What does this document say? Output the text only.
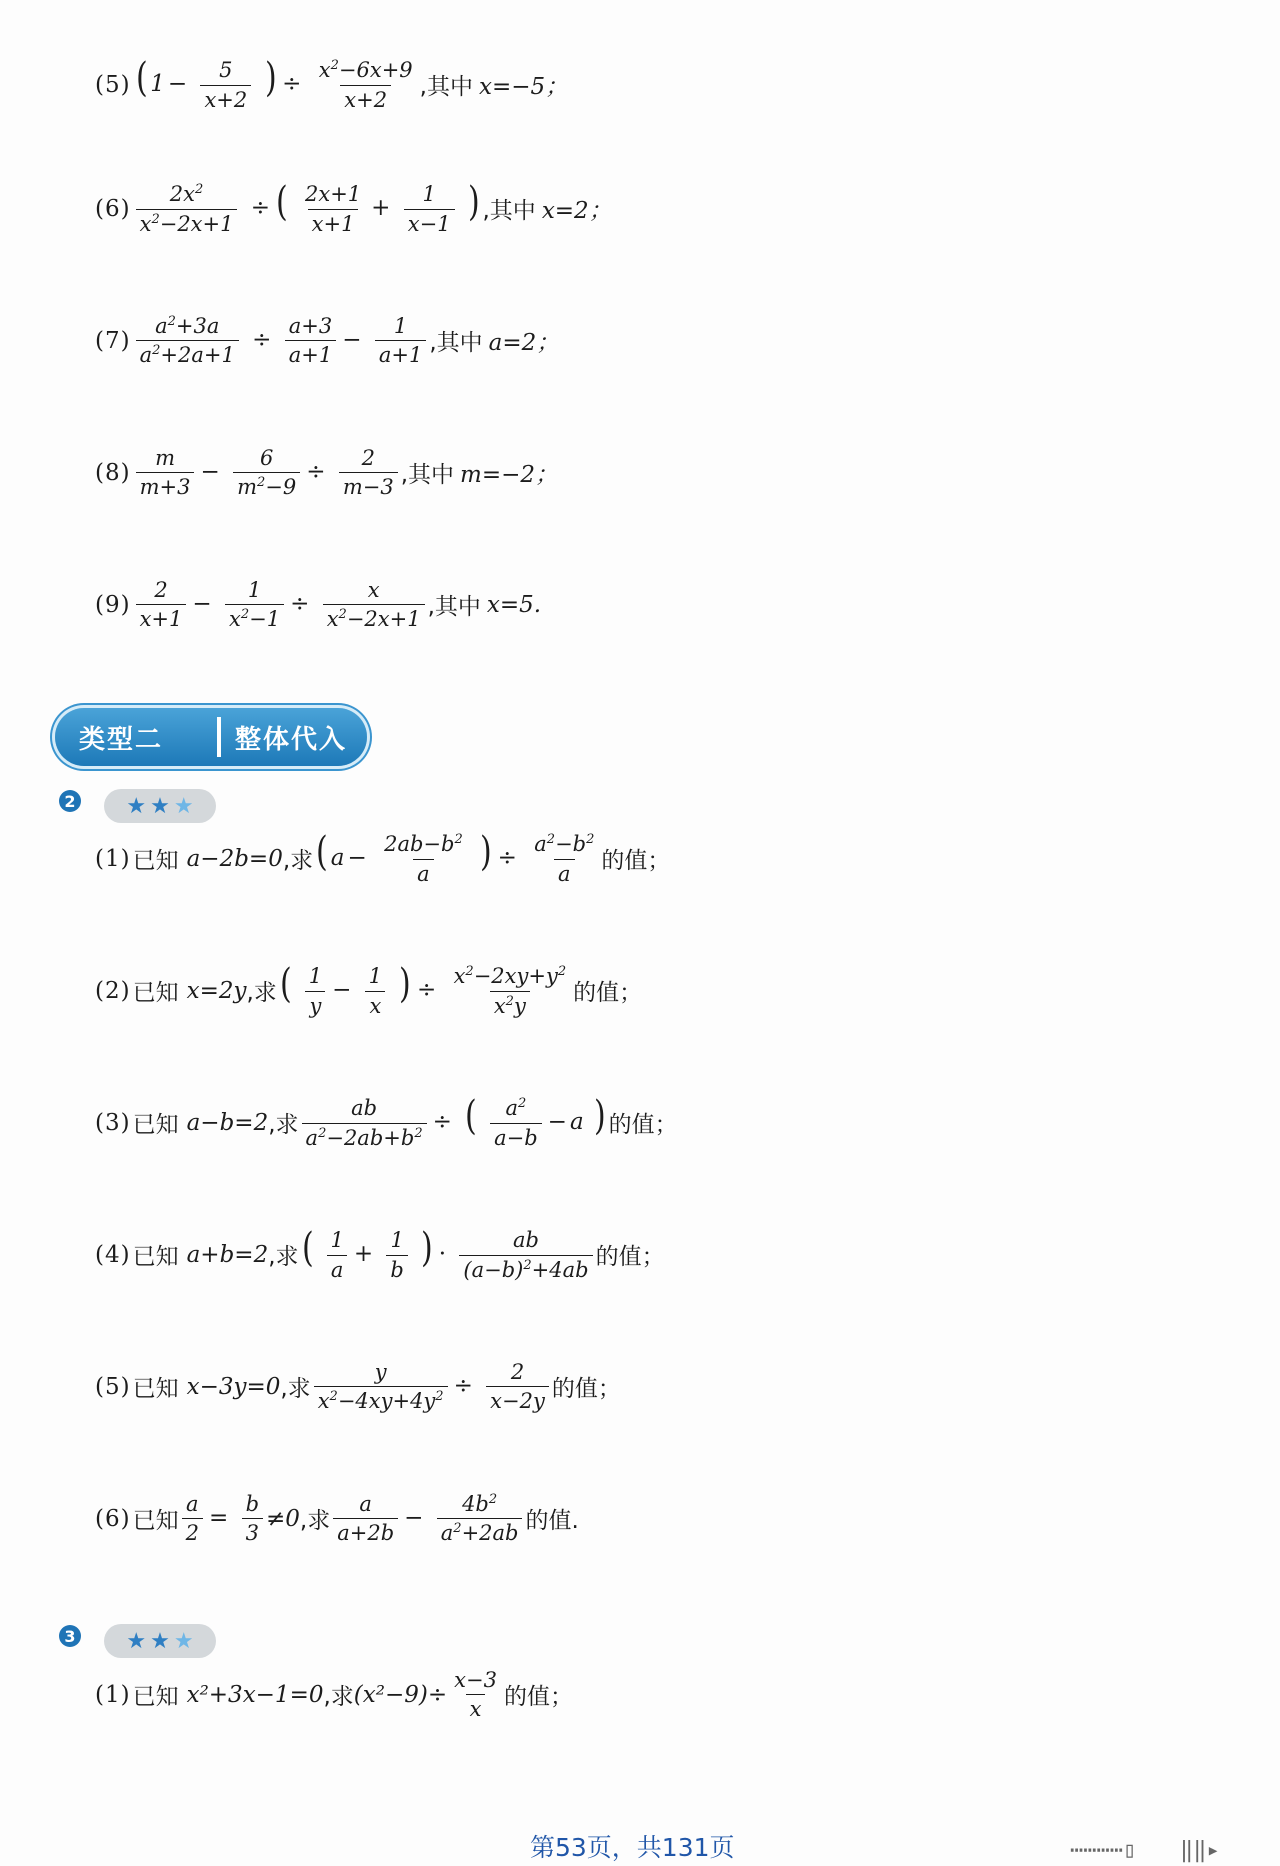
(5) ( $1 - \frac{5}{x+2}$ ) ÷ $\frac{x^2-6x+9}{x+2}$ ,其中 x=−5；
$(6) \frac{2x^2}{x^2-2x+1}$ ÷ ( $\frac{2x+1}{x+1} + \frac{1}{x-1}$ ) ,其中 x=2；
$(7) \frac{a^2+3a}{a^2+2a+1} \div \frac{a+3}{a+1} - \frac{1}{a+1}$ ,其中 a=2；
$(8) \frac{m}{m+3} - \frac{6}{m^2-9} \div \frac{2}{m-3}$ ,其中 m=−2；
$(9) \frac{2}{x+1} - \frac{1}{x^2-1} \div \frac{x}{x^2-2x+1}$ ,其中 x=5.
类型二	整体代入
2 ★ ★ ★
(1) 已知 a−2b=0 ,求 ( $a - \frac{2ab-b^2}{a}$ ) ÷ $\frac{a^2-b^2}{a}$ 的值；
(2) 已知 x=2y ,求 ( $\frac{1}{y} - \frac{1}{x}$ ) ÷ $\frac{x^2-2xy+y^2}{x^2y}$ 的值；
(3) 已知 a−b=2 ,求 $\frac{ab}{a^2-2ab+b^2}$ ÷ ( $\frac{a^2}{a-b} - a$ ) 的值；
(4) 已知 a+b=2 ,求 ( $\frac{1}{a} + \frac{1}{b}$ ) · $\frac{ab}{(a-b)^2+4ab}$ 的值；
(5) 已知 x−3y=0 ,求 $\frac{y}{x^2-4xy+4y^2} \div \frac{2}{x-2y}$ 的值；
(6) 已知 $\frac{a}{2} = \frac{b}{3} \ne 0$ ,求 $\frac{a}{a+2b} - \frac{4b^2}{a^2+2ab}$ 的值.
3 ★ ★ ★
(1) 已知 x²+3x−1=0 ,求 $(x^2-9)\div \frac{x-3}{x}$ 的值；
第53页，共131页	⋯⋯⋯⋯▯ ‖‖▸
